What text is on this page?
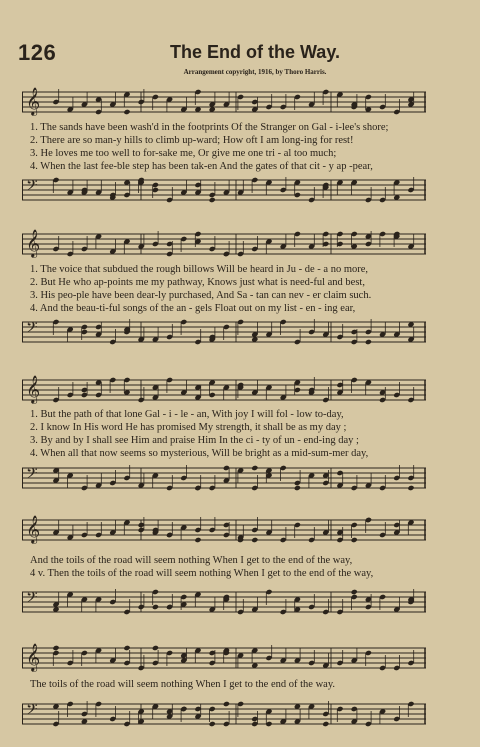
126	The End of the Way.
Arrangement copyright, 1916, by Thoro Harris.
𝄞
1. The sands have been wash'd in the footprints Of the Stranger on Gal - i-lee's shore;
2. There are so man-y hills to climb up-ward; How oft I am long-ing for rest!
3. He loves me too well to for-sake me, Or give me one tri - al too much;
4. When the last fee-ble step has been tak-en And the gates of that cit - y ap -pear,
𝄢
𝄞
1. The voice that subdued the rough billows Will be heard in Ju - de - a no more,
2. But He who ap-points me my pathway, Knows just what is need-ful and best,
3. His peo-ple have been dear-ly purchased, And Sa - tan can nev - er claim such.
4. And the beau-ti-ful songs of the an - gels Float out on my list - en - ing ear,
𝄢
𝄞
1. But the path of that lone Gal - i - le - an, With joy I will fol - low to-day,
2. I know In His word He has promised My strength, it shall be as my day ;
3. By and by I shall see Him and praise Him In the ci - ty of un - end-ing day ;
4. When all that now seems so mysterious, Will be bright as a mid-sum-mer day,
𝄢
𝄞
And the toils of the road will seem nothing When I get to the end of the way,
4 v. Then the toils of the road will seem nothing When I get to the end of the way,
𝄢
𝄞
The toils of the road will seem nothing When I get to the end of the way.
𝄢
